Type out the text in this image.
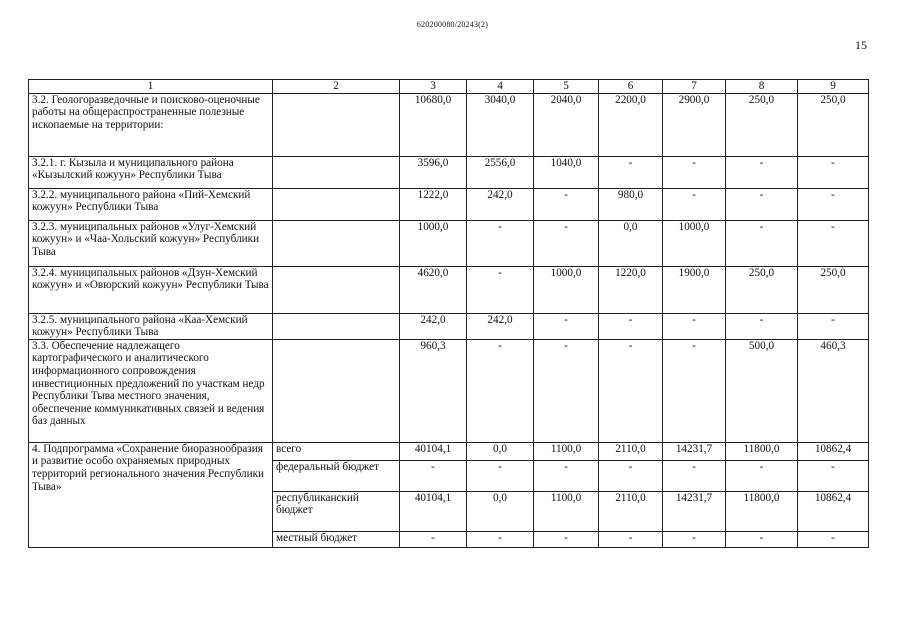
620200080/20243(2)
15
1	2	3	4	5	6	7	8	9
3.2. Геологоразведочные и поисково-оценочные работы на общераспространенные полезные ископаемые на территории:		10680,0	3040,0	2040,0	2200,0	2900,0	250,0	250,0
3.2.1. г. Кызыла и муниципального района «Кызылский кожуун» Республики Тыва		3596,0	2556,0	1040,0	-	-	-	-
3.2.2. муниципального района «Пий-Хемский кожуун» Республики Тыва		1222,0	242,0	-	980,0	-	-	-
3.2.3. муниципальных районов «Улуг-Хемский кожуун» и «Чаа-Хольский кожуун» Республики Тыва		1000,0	-	-	0,0	1000,0	-	-
3.2.4. муниципальных районов «Дзун-Хемский кожуун» и «Овюрский кожуун» Республики Тыва		4620,0	-	1000,0	1220,0	1900,0	250,0	250,0
3.2.5. муниципального района «Каа-Хемский кожуун» Республики Тыва		242,0	242,0	-	-	-	-	-
3.3. Обеспечение надлежащего картографического и аналитического информационного сопровождения инвестиционных предложений по участкам недр Республики Тыва местного значения, обеспечение коммуникативных связей и ведения баз данных		960,3	-	-	-	-	500,0	460,3
4. Подпрограмма «Сохранение биоразнообразия и развитие особо охраняемых природных территорий регионального значения Республики Тыва»	всего	40104,1	0,0	1100,0	2110,0	14231,7	11800,0	10862,4
	федеральный бюджет	-	-	-	-	-	-	-
	республиканский бюджет	40104,1	0,0	1100,0	2110,0	14231,7	11800,0	10862,4
	местный бюджет	-	-	-	-	-	-	-
